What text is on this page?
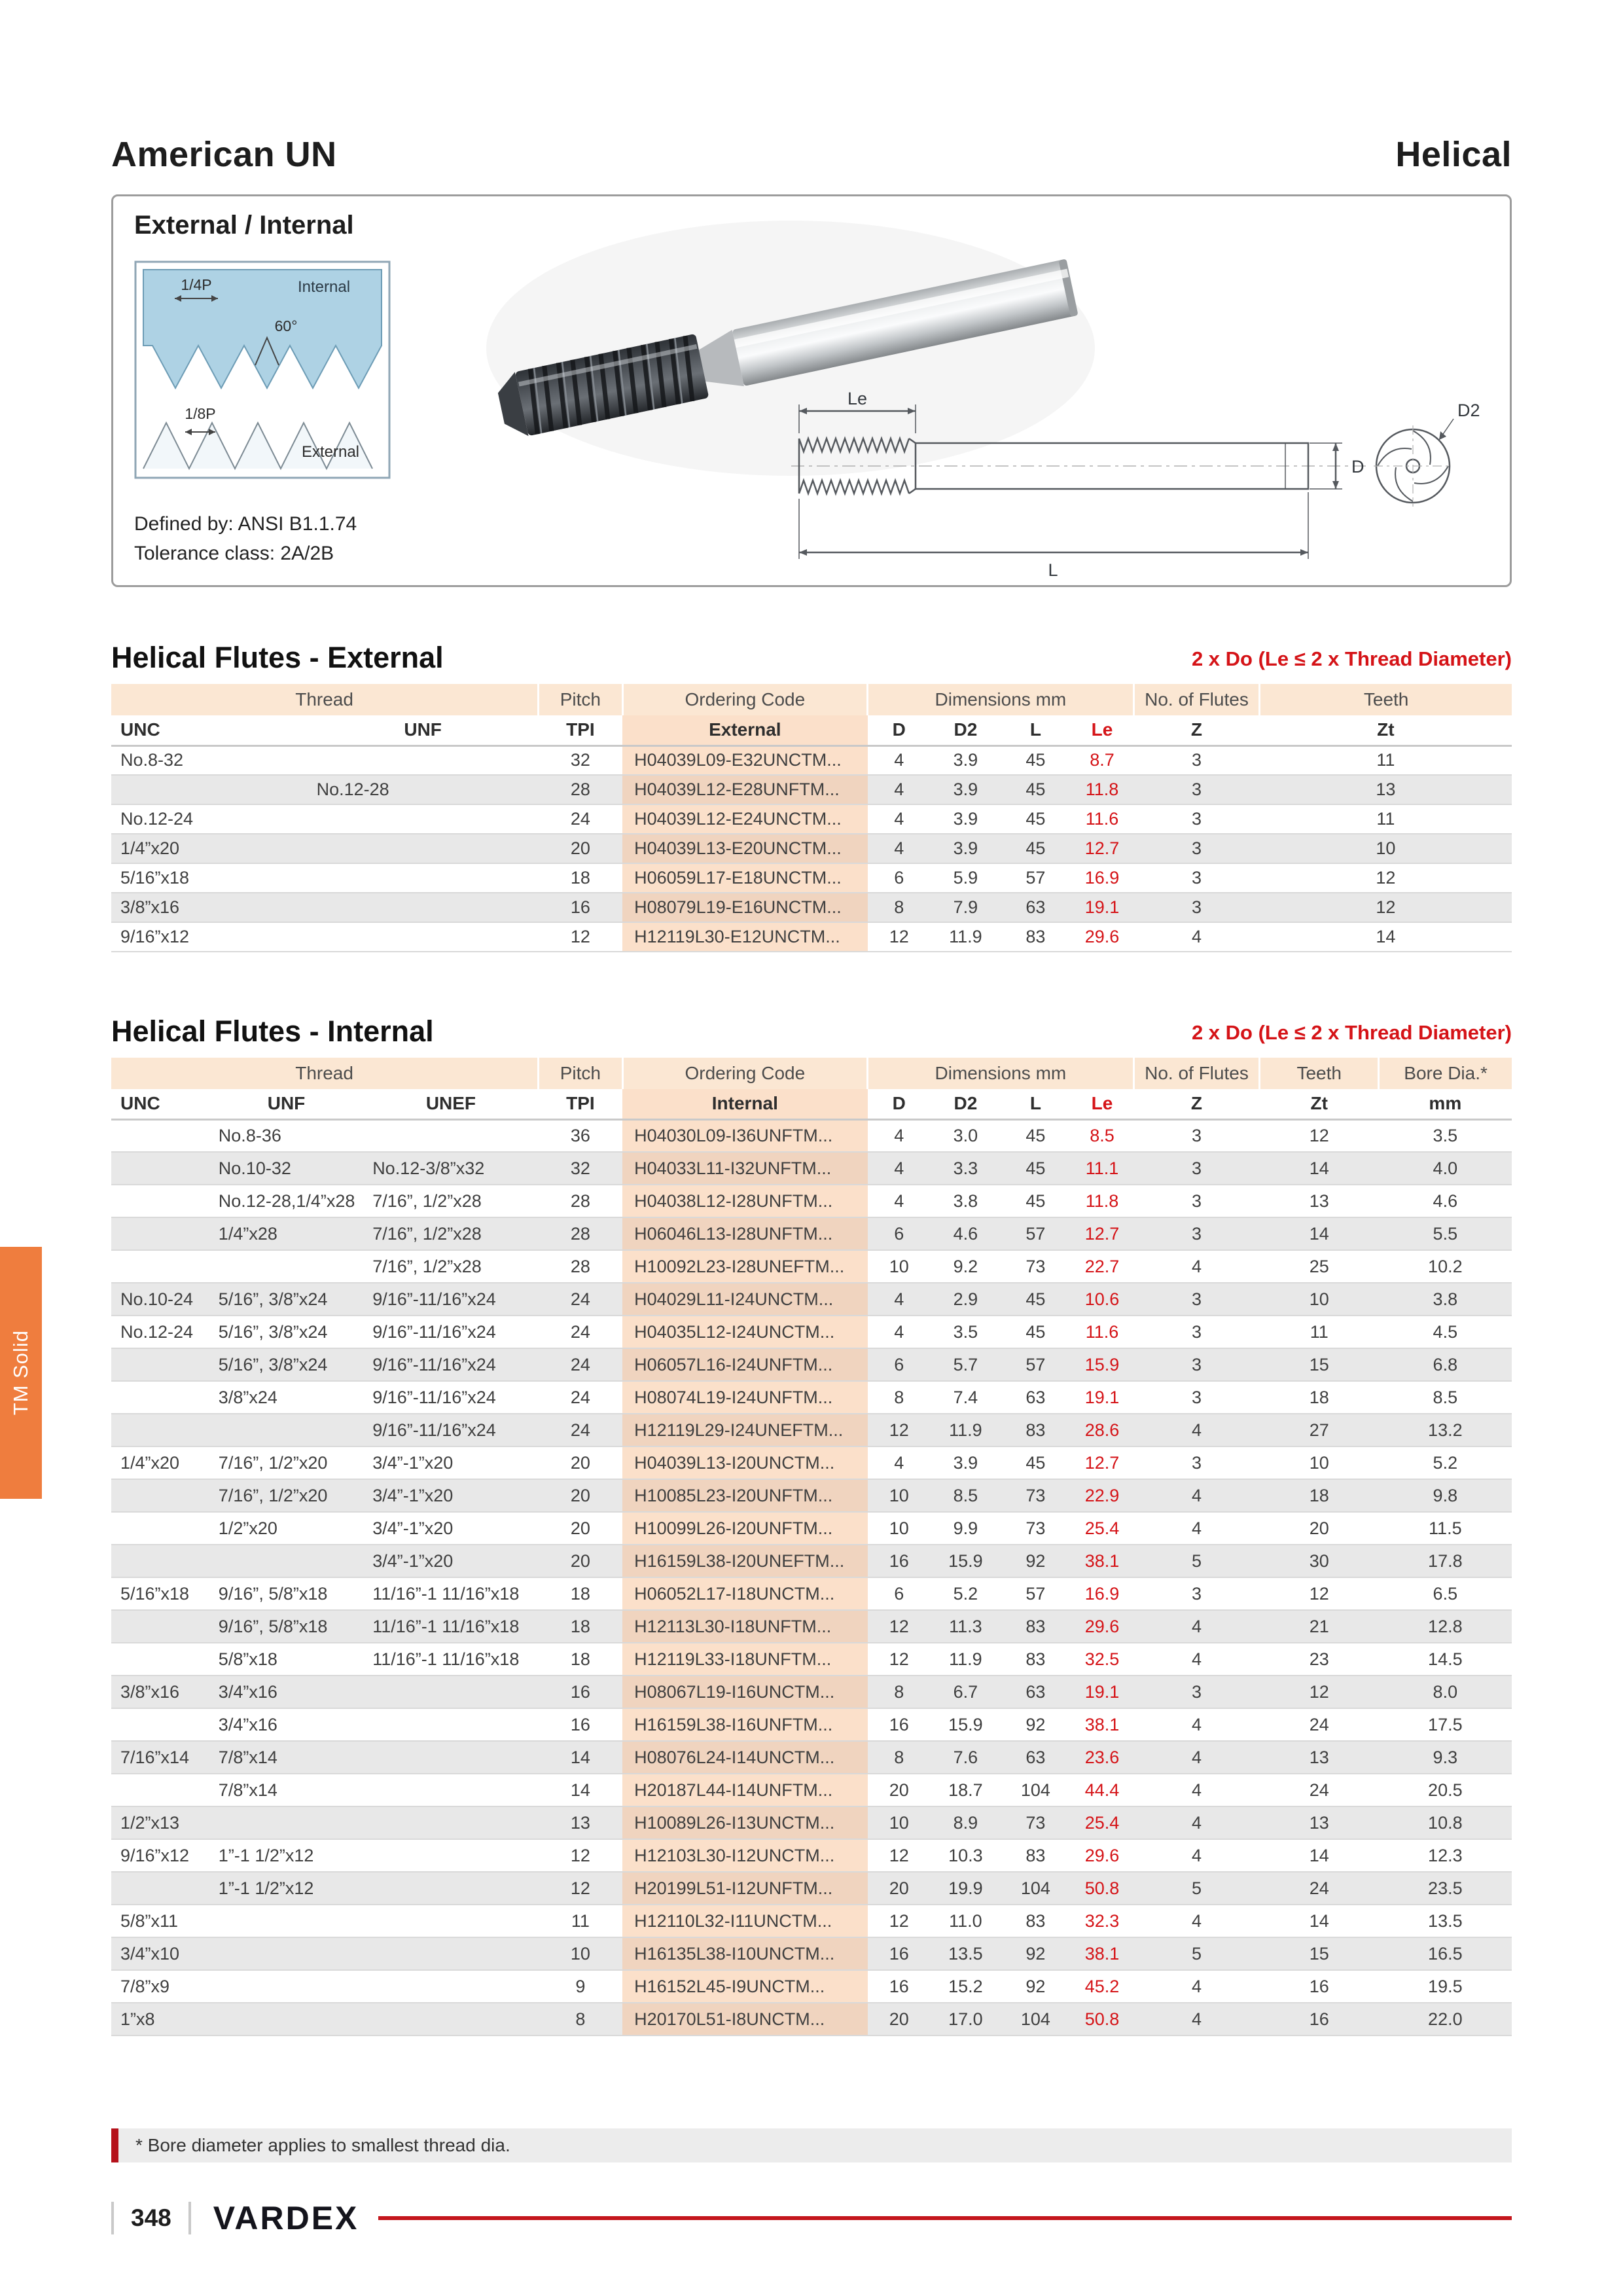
TM Solid
American UN	Helical
External / Internal
1/4P	Internal
60°
1/8P
External
Le
L
D
D2
Defined by: ANSI B1.1.74
Tolerance class: 2A/2B
Helical Flutes - External	2 x Do (Le ≤ 2 x Thread Diameter)
Thread		Pitch	Ordering Code	Dimensions mm				No. of Flutes	Teeth
UNC	UNF	TPI	External	D	D2	L	Le	Z	Zt
No.8-32		32	H04039L09-E32UNCTM...	4	3.9	45	8.7	3	11
	No.12-28	28	H04039L12-E28UNFTM...	4	3.9	45	11.8	3	13
No.12-24		24	H04039L12-E24UNCTM...	4	3.9	45	11.6	3	11
1/4”x20		20	H04039L13-E20UNCTM...	4	3.9	45	12.7	3	10
5/16”x18		18	H06059L17-E18UNCTM...	6	5.9	57	16.9	3	12
3/8”x16		16	H08079L19-E16UNCTM...	8	7.9	63	19.1	3	12
9/16”x12		12	H12119L30-E12UNCTM...	12	11.9	83	29.6	4	14
Helical Flutes - Internal	2 x Do (Le ≤ 2 x Thread Diameter)
Thread			Pitch	Ordering Code	Dimensions mm				No. of Flutes	Teeth	Bore Dia.*
UNC	UNF	UNEF	TPI	Internal	D	D2	L	Le	Z	Zt	mm
	No.8-36		36	H04030L09-I36UNFTM...	4	3.0	45	8.5	3	12	3.5
	No.10-32	No.12-3/8”x32	32	H04033L11-I32UNFTM...	4	3.3	45	11.1	3	14	4.0
	No.12-28,1/4”x28	7/16”, 1/2”x28	28	H04038L12-I28UNFTM...	4	3.8	45	11.8	3	13	4.6
	1/4”x28	7/16”, 1/2”x28	28	H06046L13-I28UNFTM...	6	4.6	57	12.7	3	14	5.5
		7/16”, 1/2”x28	28	H10092L23-I28UNEFTM...	10	9.2	73	22.7	4	25	10.2
No.10-24	5/16”, 3/8”x24	9/16”-11/16”x24	24	H04029L11-I24UNCTM...	4	2.9	45	10.6	3	10	3.8
No.12-24	5/16”, 3/8”x24	9/16”-11/16”x24	24	H04035L12-I24UNCTM...	4	3.5	45	11.6	3	11	4.5
	5/16”, 3/8”x24	9/16”-11/16”x24	24	H06057L16-I24UNFTM...	6	5.7	57	15.9	3	15	6.8
	3/8”x24	9/16”-11/16”x24	24	H08074L19-I24UNFTM...	8	7.4	63	19.1	3	18	8.5
		9/16”-11/16”x24	24	H12119L29-I24UNEFTM...	12	11.9	83	28.6	4	27	13.2
1/4”x20	7/16”, 1/2”x20	3/4”-1”x20	20	H04039L13-I20UNCTM...	4	3.9	45	12.7	3	10	5.2
	7/16”, 1/2”x20	3/4”-1”x20	20	H10085L23-I20UNFTM...	10	8.5	73	22.9	4	18	9.8
	1/2”x20	3/4”-1”x20	20	H10099L26-I20UNFTM...	10	9.9	73	25.4	4	20	11.5
		3/4”-1”x20	20	H16159L38-I20UNEFTM...	16	15.9	92	38.1	5	30	17.8
5/16”x18	9/16”, 5/8”x18	11/16”-1 11/16”x18	18	H06052L17-I18UNCTM...	6	5.2	57	16.9	3	12	6.5
	9/16”, 5/8”x18	11/16”-1 11/16”x18	18	H12113L30-I18UNFTM...	12	11.3	83	29.6	4	21	12.8
	5/8”x18	11/16”-1 11/16”x18	18	H12119L33-I18UNFTM...	12	11.9	83	32.5	4	23	14.5
3/8”x16	3/4”x16		16	H08067L19-I16UNCTM...	8	6.7	63	19.1	3	12	8.0
	3/4”x16		16	H16159L38-I16UNFTM...	16	15.9	92	38.1	4	24	17.5
7/16”x14	7/8”x14		14	H08076L24-I14UNCTM...	8	7.6	63	23.6	4	13	9.3
	7/8”x14		14	H20187L44-I14UNFTM...	20	18.7	104	44.4	4	24	20.5
1/2”x13			13	H10089L26-I13UNCTM...	10	8.9	73	25.4	4	13	10.8
9/16”x12	1”-1 1/2”x12		12	H12103L30-I12UNCTM...	12	10.3	83	29.6	4	14	12.3
	1”-1 1/2”x12		12	H20199L51-I12UNFTM...	20	19.9	104	50.8	5	24	23.5
5/8”x11			11	H12110L32-I11UNCTM...	12	11.0	83	32.3	4	14	13.5
3/4”x10			10	H16135L38-I10UNCTM...	16	13.5	92	38.1	5	15	16.5
7/8”x9			9	H16152L45-I9UNCTM...	16	15.2	92	45.2	4	16	19.5
1”x8			8	H20170L51-I8UNCTM...	20	17.0	104	50.8	4	16	22.0
* Bore diameter applies to smallest thread dia.
348	VARDEX
